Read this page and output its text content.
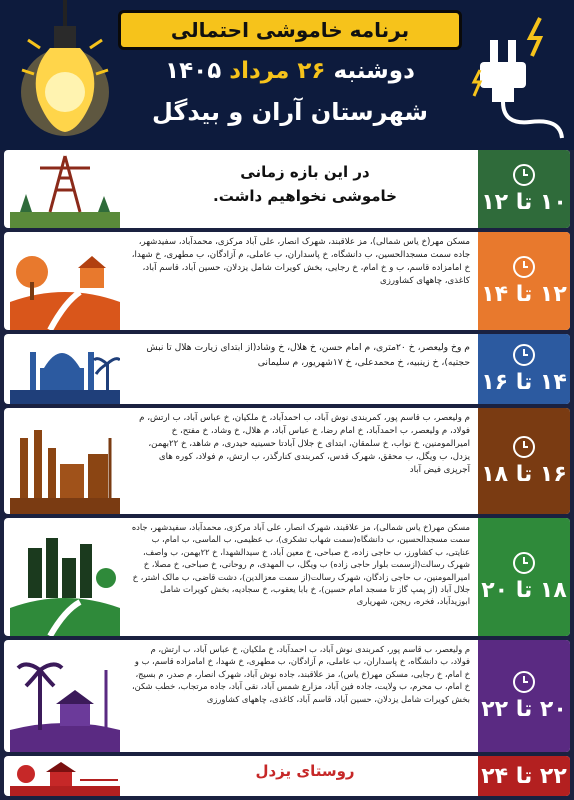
برنامه خاموشی احتمالی
دوشنبه ۲۶ مرداد ۱۴۰۵
شهرستان آران و بیدگل
۱۰ تا ۱۲
در این بازه زمانی
خاموشی نخواهیم داشت.
۱۲ تا ۱۴
مسکن مهر(خ یاس شمالی)، مز علاقبند، شهرک انصار، علی آباد مرکزی، محمدآباد، سفیدشهر، جاده سمت مسجدالحسین، ب دانشگاه، خ پاسداران، ب عاملی، م آزادگان، ب مطهری، خ شهدا، خ امامزاده قاسم، ب و خ امام، خ رجایی، بخش کویرات شامل یزدلان، حسین آباد، قاسم آباد، کاغذی، چاههای کشاورزی
۱۴ تا ۱۶
م وخ ولیعصر، خ ۲۰متری، م امام حسن، خ هلال، خ وشاد(از ابتدای زیارت هلال تا نبش حجتیه)، خ زینبیه، خ محمدعلی، خ ۱۷شهریور، م سلیمانی
۱۶ تا ۱۸
م ولیعصر، ب قاسم پور، کمربندی نوش آباد، ب احمدآباد، خ ملکیان، خ عباس آباد، ب ارتش، م فولاد، م ولیعصر، ب احمدآباد، خ امام رضا، خ عباس آباد، م هلال، خ وشاد، خ مفتح، خ امیرالمومنین، خ نواب، خ سلمقان، ابتدای خ جلال آبادتا حسینیه حیدری، م شاهد، خ ۲۲بهمن، یزدل، ب ویگل، ب محقق، شهرک قدس، کمربندی کنارگذر، ب ارتش، م فولاد، کوره های آجرپزی فیض آباد
۱۸ تا ۲۰
مسکن مهر(خ یاس شمالی)، مز علاقبند، شهرک انصار، علی آباد مرکزی، محمدآباد، سفیدشهر، جاده سمت مسجدالحسین، ب دانشگاه(سمت شهاب تشکری)، ب عظیمی، ب الماسی، ب امام، ب عنایتی، ب کشاورز، ب حاجی زاده، خ صباحی، خ معین آباد، خ سیدالشهدا، خ ۲۲بهمن، ب واصف، شهرک رسالت(ازسمت بلوار حاجی زاده) ب ویگل، ب المهدی، م روحانی، خ صباحی، خ مصلا، خ امیرالمومنین، ب حاجی زادگان، شهرک رسالت(از سمت معزالدین)، دشت قاضی، ب مالک اشتر، خ جلال آباد (از پمپ گاز تا مسجد امام حسین)، خ بابا یعقوب، خ سجادیه، بخش کویرات شامل ابوزیدآباد، فخره، ریجن، شهریاری
۲۰ تا ۲۲
م ولیعصر، ب قاسم پور، کمربندی نوش آباد، ب احمدآباد، خ ملکیان، خ عباس آباد، ب ارتش، م فولاد، ب دانشگاه، خ پاسداران، ب عاملی، م آزادگان، ب مطهری، خ شهدا، خ امامزاده قاسم، ب و خ امام، خ رجایی، مسکن مهر(خ یاس)، مز علاقبند، جاده نوش آباد، شهرک انصار، م صدر، م بسیج، خ امام، ب محرم، ب ولایت، جاده فین آباد، مزارع شمس آباد، نقی آباد، جاده مرتجاب، خطب شکن، بخش کویرات شامل یزدلان، حسین آباد، قاسم آباد، کاغذی، چاههای کشاورزی
۲۲ تا ۲۴
روستای یزدل
